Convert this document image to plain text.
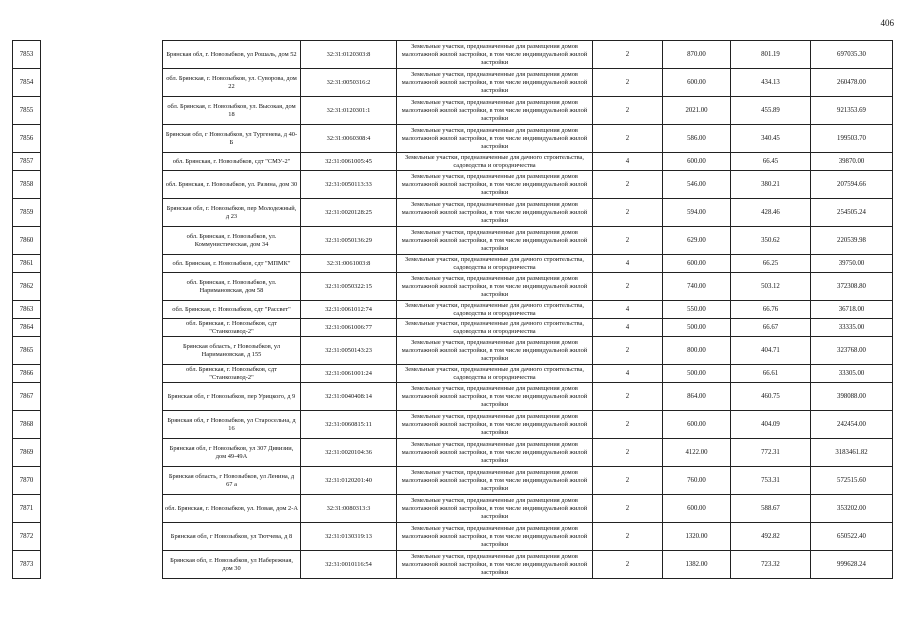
406
7853		Брянская обл, г. Новозыбков, ул Рошаль, дом 52	32:31:0120303:8	Земельные участки, предназначенные для размещения домов малоэтажной жилой застройки, в том числе индивидуальной жилой застройки	2	870.00	801.19	697035.30
7854		обл. Брянская, г. Новозыбков, ул. Суворова, дом 22	32:31:0050316:2	Земельные участки, предназначенные для размещения домов малоэтажной жилой застройки, в том числе индивидуальной жилой застройки	2	600.00	434.13	260478.00
7855		обл. Брянская, г. Новозыбков, ул. Высокая, дом 18	32:31:0120301:1	Земельные участки, предназначенные для размещения домов малоэтажной жилой застройки, в том числе индивидуальной жилой застройки	2	2021.00	455.89	921353.69
7856		Брянская обл, г Новозыбков, ул Тургенева, д 40-Б	32:31:0060308:4	Земельные участки, предназначенные для размещения домов малоэтажной жилой застройки, в том числе индивидуальной жилой застройки	2	586.00	340.45	199503.70
7857		обл. Брянская, г. Новозыбков, сдт "СМУ-2"	32:31:0061005:45	Земельные участки, предназначенные для дачного строительства, садоводства и огородничества	4	600.00	66.45	39870.00
7858		обл. Брянская, г. Новозыбков, ул. Разина, дом 30	32:31:0050113:33	Земельные участки, предназначенные для размещения домов малоэтажной жилой застройки, в том числе индивидуальной жилой застройки	2	546.00	380.21	207594.66
7859		Брянская обл, г. Новозыбков, пер Молодежный, д 23	32:31:0020128:25	Земельные участки, предназначенные для размещения домов малоэтажной жилой застройки, в том числе индивидуальной жилой застройки	2	594.00	428.46	254505.24
7860		обл. Брянская, г. Новозыбков, ул. Коммунистическая, дом 34	32:31:0050136:29	Земельные участки, предназначенные для размещения домов малоэтажной жилой застройки, в том числе индивидуальной жилой застройки	2	629.00	350.62	220539.98
7861		обл. Брянская, г. Новозыбков, сдт "МПМК"	32:31:0061003:8	Земельные участки, предназначенные для дачного строительства, садоводства и огородничества	4	600.00	66.25	39750.00
7862		обл. Брянская, г. Новозыбков, ул. Наримановская, дом 58	32:31:0050322:15	Земельные участки, предназначенные для размещения домов малоэтажной жилой застройки, в том числе индивидуальной жилой застройки	2	740.00	503.12	372308.80
7863		обл. Брянская, г. Новозыбков, сдт "Рассвет"	32:31:0061012:74	Земельные участки, предназначенные для дачного строительства, садоводства и огородничества	4	550.00	66.76	36718.00
7864		обл. Брянская, г. Новозыбков, сдт "Станкозавод-2"	32:31:0061006:77	Земельные участки, предназначенные для дачного строительства, садоводства и огородничества	4	500.00	66.67	33335.00
7865		Брянская область, г Новозыбков, ул Наримановская, д 155	32:31:0050143:23	Земельные участки, предназначенные для размещения домов малоэтажной жилой застройки, в том числе индивидуальной жилой застройки	2	800.00	404.71	323768.00
7866		обл. Брянская, г. Новозыбков, сдт "Станкозавод-2"	32:31:0061001:24	Земельные участки, предназначенные для дачного строительства, садоводства и огородничества	4	500.00	66.61	33305.00
7867		Брянская обл, г Новозыбков, пер Урицкого, д 9	32:31:0040408:14	Земельные участки, предназначенные для размещения домов малоэтажной жилой застройки, в том числе индивидуальной жилой застройки	2	864.00	460.75	398088.00
7868		Брянская обл, г Новозыбков, ул Старосельна, д 16	32:31:0060815:11	Земельные участки, предназначенные для размещения домов малоэтажной жилой застройки, в том числе индивидуальной жилой застройки	2	600.00	404.09	242454.00
7869		Брянская обл, г Новозыбков, ул 307 Дивизии, дом 49-49А	32:31:0020104:36	Земельные участки, предназначенные для размещения домов малоэтажной жилой застройки, в том числе индивидуальной жилой застройки	2	4122.00	772.31	3183461.82
7870		Брянская область, г Новозыбков, ул Ленина, д 67 а	32:31:0120201:40	Земельные участки, предназначенные для размещения домов малоэтажной жилой застройки, в том числе индивидуальной жилой застройки	2	760.00	753.31	572515.60
7871		обл. Брянская, г. Новозыбков, ул. Новая, дом 2-А	32:31:0080313:3	Земельные участки, предназначенные для размещения домов малоэтажной жилой застройки, в том числе индивидуальной жилой застройки	2	600.00	588.67	353202.00
7872		Брянская обл, г Новозыбков, ул Тютчева, д 8	32:31:0130319:13	Земельные участки, предназначенные для размещения домов малоэтажной жилой застройки, в том числе индивидуальной жилой застройки	2	1320.00	492.82	650522.40
7873		Брянская обл, г. Новозыбков, ул Набережная, дом 30	32:31:0010116:54	Земельные участки, предназначенные для размещения домов малоэтажной жилой застройки, в том числе индивидуальной жилой застройки	2	1382.00	723.32	999628.24
